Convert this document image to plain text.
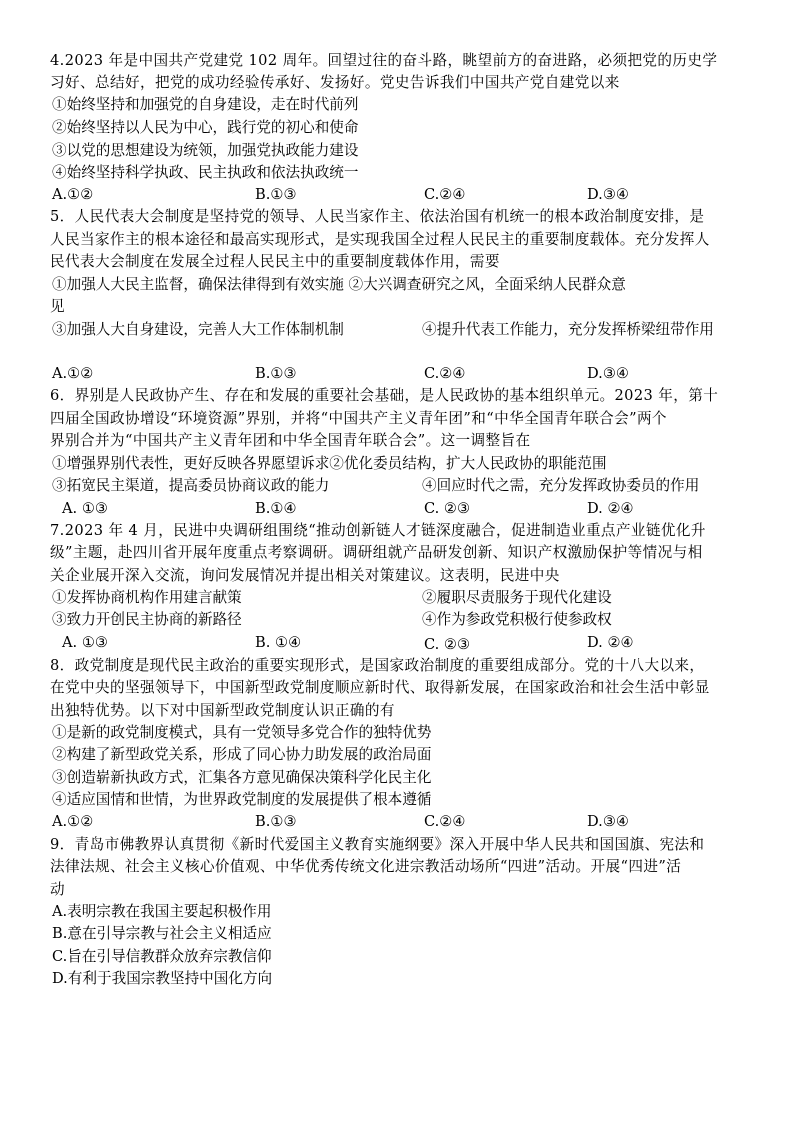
4.2023 年是中国共产党建党 102 周年。回望过往的奋斗路，眺望前方的奋进路，必须把党的历史学
习好、总结好，把党的成功经验传承好、发扬好。党史告诉我们中国共产党自建党以来
①始终坚持和加强党的自身建设，走在时代前列
②始终坚持以人民为中心，践行党的初心和使命
③以党的思想建设为统领，加强党执政能力建设
④始终坚持科学执政、民主执政和依法执政统一
A.①②	B.①③	C.②④	D.③④
5．人民代表大会制度是坚持党的领导、人民当家作主、依法治国有机统一的根本政治制度安排，是
人民当家作主的根本途径和最高实现形式，是实现我国全过程人民民主的重要制度载体。充分发挥人
民代表大会制度在发展全过程人民民主中的重要制度载体作用，需要
①加强人大民主监督，确保法律得到有效实施 ②大兴调查研究之风，全面采纳人民群众意
见
③加强人大自身建设，完善人大工作体制机制	④提升代表工作能力，充分发挥桥梁纽带作用
A.①②	B.①③	C.②④	D.③④
6．界别是人民政协产生、存在和发展的重要社会基础，是人民政协的基本组织单元。2023 年，第十
四届全国政协增设“环境资源”界别，并将“中国共产主义青年团”和“中华全国青年联合会”两个
界别合并为“中国共产主义青年团和中华全国青年联合会”。这一调整旨在
①增强界别代表性，更好反映各界愿望诉求②优化委员结构，扩大人民政协的职能范围
③拓宽民主渠道，提高委员协商议政的能力	④回应时代之需，充分发挥政协委员的作用
A. ①③	B.①④	C. ②③	D. ②④
7.2023 年 4 月，民进中央调研组围绕“推动创新链人才链深度融合，促进制造业重点产业链优化升
级”主题，赴四川省开展年度重点考察调研。调研组就产品研发创新、知识产权激励保护等情况与相
关企业展开深入交流，询问发展情况并提出相关对策建议。这表明，民进中央
①发挥协商机构作用建言献策	②履职尽责服务于现代化建设
③致力开创民主协商的新路径	④作为参政党积极行使参政权
A. ①③	B. ①④	C. ②③	D. ②④
8．政党制度是现代民主政治的重要实现形式，是国家政治制度的重要组成部分。党的十八大以来，
在党中央的坚强领导下，中国新型政党制度顺应新时代、取得新发展，在国家政治和社会生活中彰显
出独特优势。以下对中国新型政党制度认识正确的有
①是新的政党制度模式，具有一党领导多党合作的独特优势
②构建了新型政党关系，形成了同心协力助发展的政治局面
③创造崭新执政方式，汇集各方意见确保决策科学化民主化
④适应国情和世情，为世界政党制度的发展提供了根本遵循
A.①②	B.①③	C.②④	D.③④
9．青岛市佛教界认真贯彻《新时代爱国主义教育实施纲要》深入开展中华人民共和国国旗、宪法和
法律法规、社会主义核心价值观、中华优秀传统文化进宗教活动场所“四进”活动。开展“四进”活
动
A.表明宗教在我国主要起积极作用
B.意在引导宗教与社会主义相适应
C.旨在引导信教群众放弃宗教信仰
D.有利于我国宗教坚持中国化方向
